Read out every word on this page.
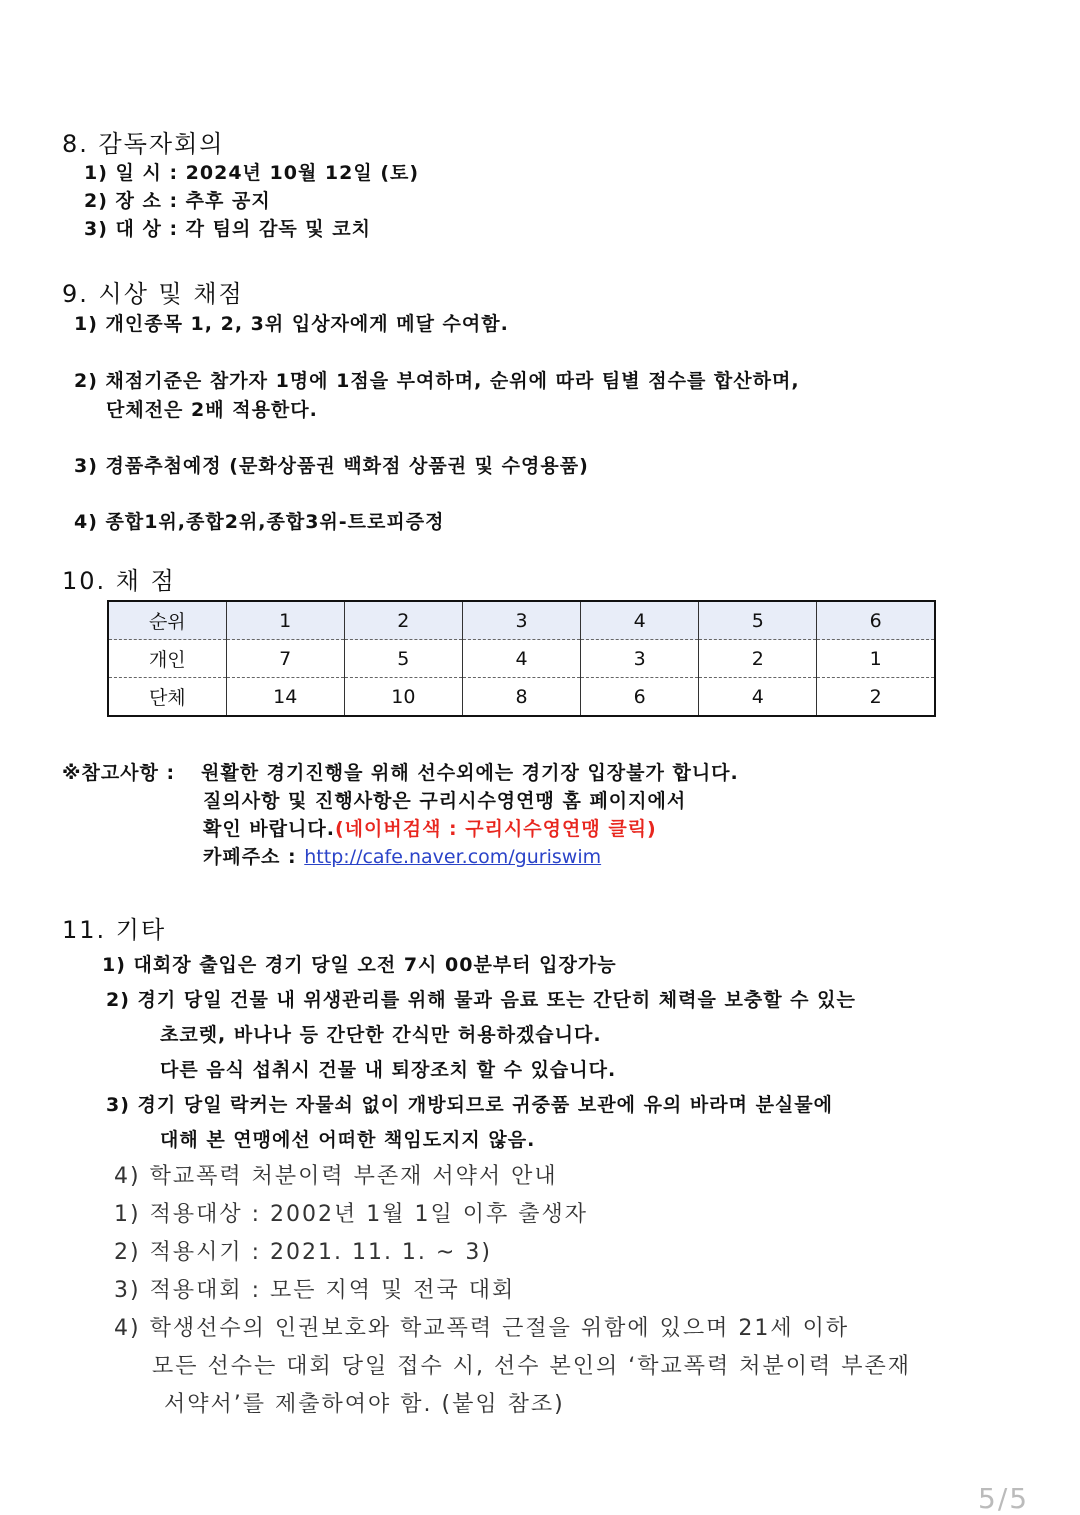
8. 감독자회의
1) 일 시 : 2024년 10월 12일 (토)
2) 장 소 : 추후 공지
3) 대 상 : 각 팀의 감독 및 코치
9. 시상 및 채점
1) 개인종목 1, 2, 3위 입상자에게 메달 수여함.
2) 채점기준은 참가자 1명에 1점을 부여하며, 순위에 따라 팀별 점수를 합산하며,
단체전은 2배 적용한다.
3) 경품추첨예정 (문화상품권 백화점 상품권 및 수영용품)
4) 종합1위,종합2위,종합3위-트로피증정
10. 채 점
순위	1	2	3	4	5	6
개인	7	5	4	3	2	1
단체	14	10	8	6	4	2
※참고사항 : 원활한 경기진행을 위해 선수외에는 경기장 입장불가 합니다.
질의사항 및 진행사항은 구리시수영연맹 홈 페이지에서
확인 바랍니다.(네이버검색 : 구리시수영연맹 클릭)
카페주소 : http://cafe.naver.com/guriswim
11. 기타
1) 대회장 출입은 경기 당일 오전 7시 00분부터 입장가능
2) 경기 당일 건물 내 위생관리를 위해 물과 음료 또는 간단히 체력을 보충할 수 있는
초코렛, 바나나 등 간단한 간식만 허용하겠습니다.
다른 음식 섭취시 건물 내 퇴장조치 할 수 있습니다.
3) 경기 당일 락커는 자물쇠 없이 개방되므로 귀중품 보관에 유의 바라며 분실물에
대해 본 연맹에선 어떠한 책임도지지 않음.
4) 학교폭력 처분이력 부존재 서약서 안내
1) 적용대상 : 2002년 1월 1일 이후 출생자
2) 적용시기 : 2021. 11. 1. ~ 3)
3) 적용대회 : 모든 지역 및 전국 대회
4) 학생선수의 인권보호와 학교폭력 근절을 위함에 있으며 21세 이하
모든 선수는 대회 당일 접수 시, 선수 본인의 ‘학교폭력 처분이력 부존재
서약서’를 제출하여야 함. (붙임 참조)
5/5
